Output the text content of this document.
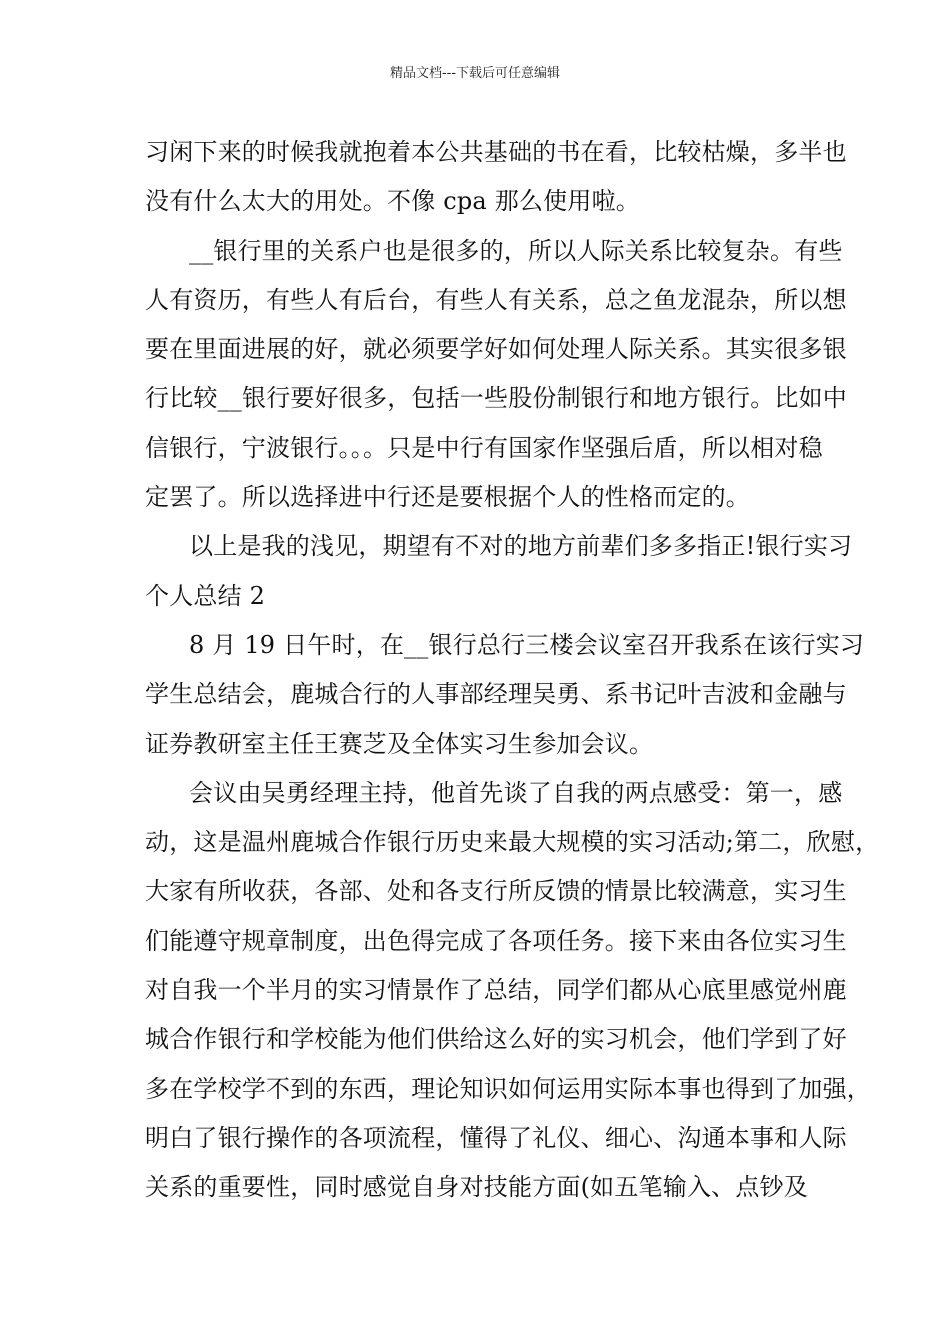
精品文档---下载后可任意编辑
习闲下来的时候我就抱着本公共基础的书在看，比较枯燥，多半也
没有什么太大的用处。不像 cpa 那么使用啦。
__银行里的关系户也是很多的，所以人际关系比较复杂。有些
人有资历，有些人有后台，有些人有关系，总之鱼龙混杂，所以想
要在里面进展的好，就必须要学好如何处理人际关系。其实很多银
行比较__银行要好很多，包括一些股份制银行和地方银行。比如中
信银行，宁波银行。。。只是中行有国家作坚强后盾，所以相对稳
定罢了。所以选择进中行还是要根据个人的性格而定的。
以上是我的浅见，期望有不对的地方前辈们多多指正!银行实习
个人总结 2
8 月 19 日午时，在__银行总行三楼会议室召开我系在该行实习
学生总结会，鹿城合行的人事部经理吴勇、系书记叶吉波和金融与
证券教研室主任王赛芝及全体实习生参加会议。
会议由吴勇经理主持，他首先谈了自我的两点感受：第一，感
动，这是温州鹿城合作银行历史来最大规模的实习活动;第二，欣慰，
大家有所收获，各部、处和各支行所反馈的情景比较满意，实习生
们能遵守规章制度，出色得完成了各项任务。接下来由各位实习生
对自我一个半月的实习情景作了总结，同学们都从心底里感觉州鹿
城合作银行和学校能为他们供给这么好的实习机会，他们学到了好
多在学校学不到的东西，理论知识如何运用实际本事也得到了加强，
明白了银行操作的各项流程，懂得了礼仪、细心、沟通本事和人际
关系的重要性，同时感觉自身对技能方面(如五笔输入、点钞及
